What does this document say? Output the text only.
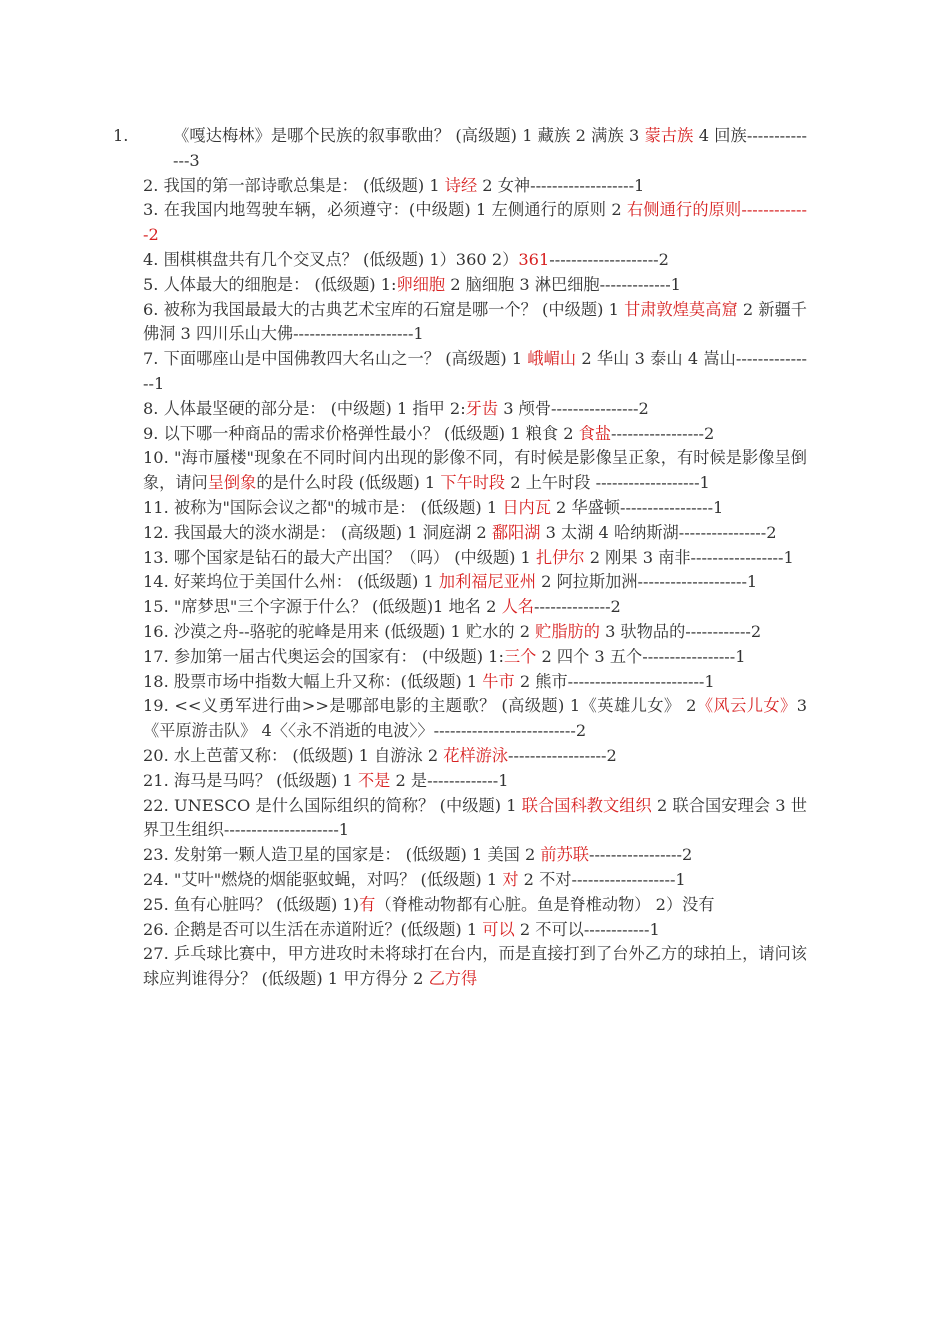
1.	《嘎达梅林》是哪个民族的叙事歌曲？ (高级题) 1 藏族 2 满族 3 蒙古族 4 回族--------------3

2. 我国的第一部诗歌总集是： (低级题) 1 诗经 2 女神-------------------1

3. 在我国内地驾驶车辆，必须遵守：(中级题) 1 左侧通行的原则 2 右侧通行的原则-------------2

4. 围棋棋盘共有几个交叉点？ (低级题) 1）360 2）361--------------------2

5. 人体最大的细胞是： (低级题) 1:卵细胞 2 脑细胞 3 淋巴细胞-------------1

6. 被称为我国最最大的古典艺术宝库的石窟是哪一个？ (中级题) 1 甘肃敦煌莫高窟 2 新疆千佛洞 3 四川乐山大佛----------------------1

7. 下面哪座山是中国佛教四大名山之一？ (高级题) 1 峨嵋山 2 华山 3 泰山 4 嵩山---------------1

8. 人体最坚硬的部分是： (中级题) 1 指甲 2:牙齿 3 颅骨----------------2

9. 以下哪一种商品的需求价格弹性最小？ (低级题) 1 粮食 2 食盐-----------------2

10. "海市蜃楼"现象在不同时间内出现的影像不同，有时候是影像呈正象，有时候是影像呈倒象，请问呈倒象的是什么时段 (低级题) 1 下午时段 2 上午时段 -------------------1

11. 被称为"国际会议之都"的城市是： (低级题) 1 日内瓦 2 华盛顿-----------------1

12. 我国最大的淡水湖是： (高级题) 1 洞庭湖 2 鄱阳湖 3 太湖 4 哈纳斯湖----------------2

13. 哪个国家是钻石的最大产出国？（吗） (中级题) 1 扎伊尔 2 刚果 3 南非-----------------1

14. 好莱坞位于美国什么州： (低级题) 1 加利福尼亚州 2 阿拉斯加洲--------------------1

15. "席梦思"三个字源于什么？ (低级题)1 地名 2 人名--------------2

16. 沙漠之舟--骆驼的驼峰是用来 (低级题) 1 贮水的 2 贮脂肪的 3 驮物品的------------2

17. 参加第一届古代奥运会的国家有： (中级题) 1:三个 2 四个 3 五个-----------------1

18. 股票市场中指数大幅上升又称：(低级题) 1 牛市 2 熊市-------------------------1

19. <<义勇军进行曲>>是哪部电影的主题歌？ (高级题) 1《英雄儿女》 2《风云儿女》3《平原游击队》 4〈〈永不消逝的电波〉〉--------------------------2

20. 水上芭蕾又称： (低级题) 1 自游泳 2 花样游泳------------------2

21. 海马是马吗？ (低级题) 1 不是 2 是-------------1

22. UNESCO 是什么国际组织的简称？ (中级题) 1 联合国科教文组织 2 联合国安理会 3 世界卫生组织---------------------1

23. 发射第一颗人造卫星的国家是： (低级题) 1 美国 2 前苏联-----------------2

24. "艾叶"燃烧的烟能驱蚊蝇，对吗？ (低级题) 1 对 2 不对-------------------1

25. 鱼有心脏吗？ (低级题) 1)有（脊椎动物都有心脏。鱼是脊椎动物） 2）没有

26. 企鹅是否可以生活在赤道附近？(低级题) 1 可以 2 不可以------------1

27. 乒乓球比赛中，甲方进攻时未将球打在台内，而是直接打到了台外乙方的球拍上，请问该球应判谁得分？ (低级题) 1 甲方得分 2 乙方得
